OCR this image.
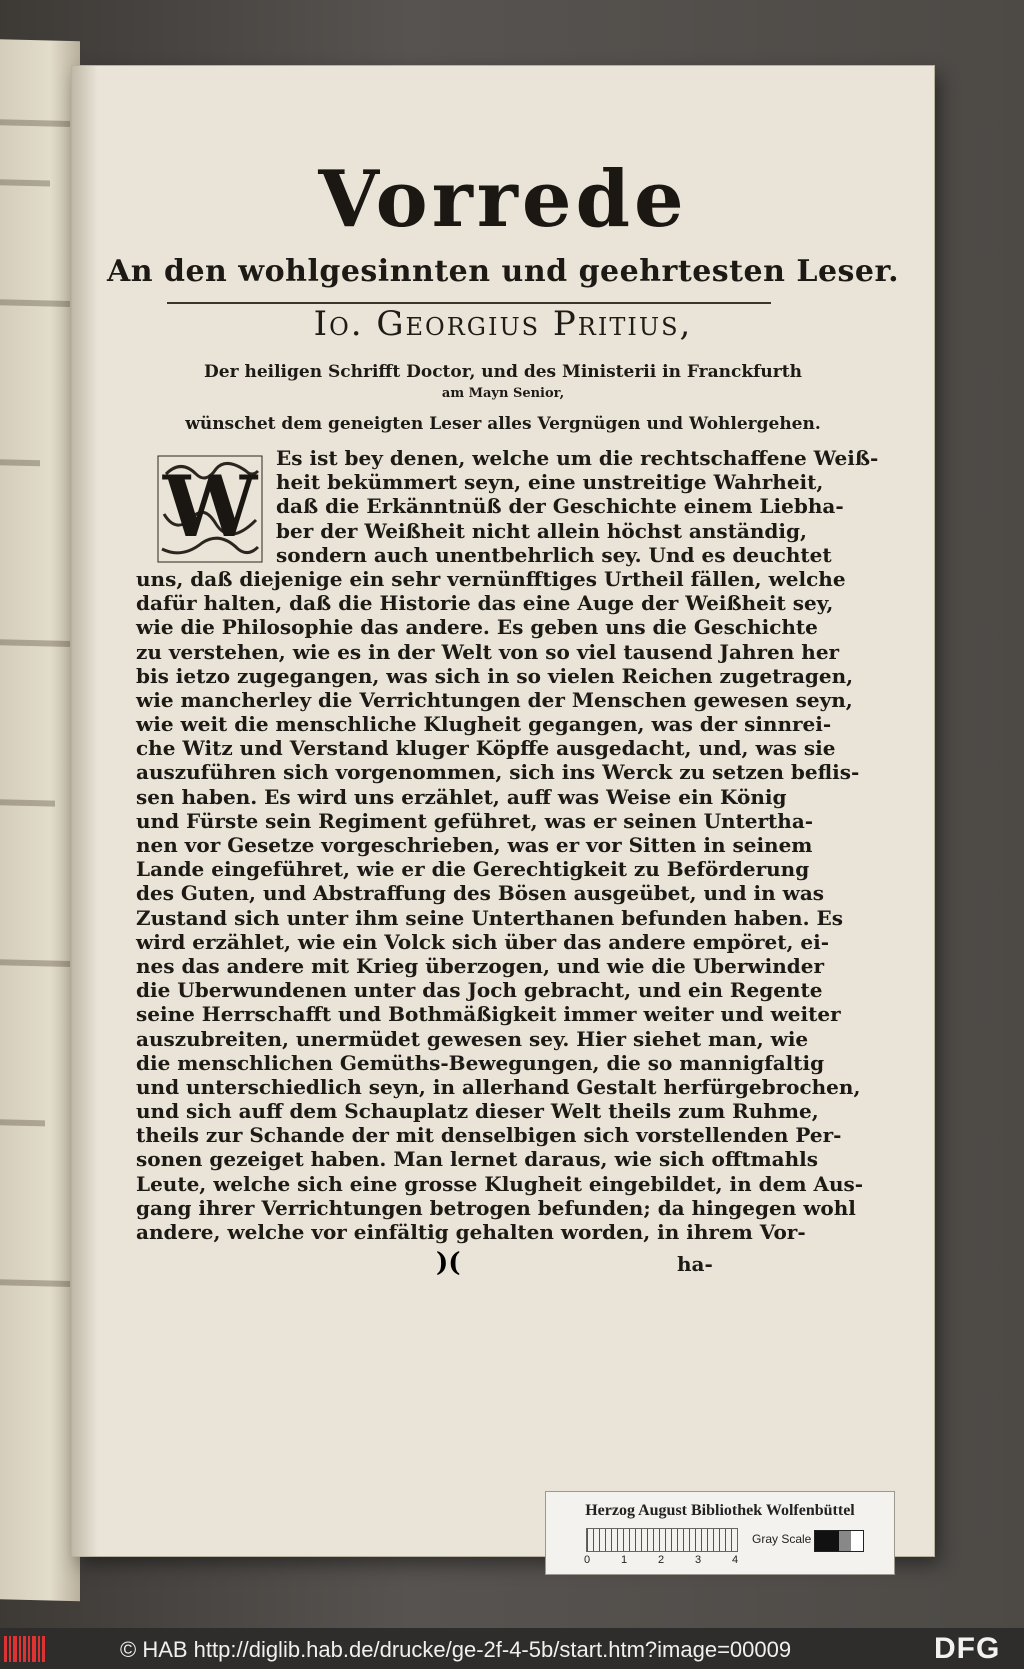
Vorrede
An den wohlgesinnten und geehrtesten Leser.
Io. Georgius Pritius,
Der heiligen Schrifft Doctor, und des Ministerii in Franckfurth
am Mayn Senior,
wünschet dem geneigten Leser alles Vergnügen und Wohlergehen.
W Es ist bey denen, welche um die rechtschaffene Weiß-
heit bekümmert seyn, eine unstreitige Wahrheit,
daß die Erkänntnüß der Geschichte einem Liebha-
ber der Weißheit nicht allein höchst anständig,
sondern auch unentbehrlich sey. Und es deuchtet
uns, daß diejenige ein sehr vernünfftiges Urtheil fällen, welche
dafür halten, daß die Historie das eine Auge der Weißheit sey,
wie die Philosophie das andere. Es geben uns die Geschichte
zu verstehen, wie es in der Welt von so viel tausend Jahren her
bis ietzo zugegangen, was sich in so vielen Reichen zugetragen,
wie mancherley die Verrichtungen der Menschen gewesen seyn,
wie weit die menschliche Klugheit gegangen, was der sinnrei-
che Witz und Verstand kluger Köpffe ausgedacht, und, was sie
auszuführen sich vorgenommen, sich ins Werck zu setzen beflis-
sen haben. Es wird uns erzählet, auff was Weise ein König
und Fürste sein Regiment geführet, was er seinen Untertha-
nen vor Gesetze vorgeschrieben, was er vor Sitten in seinem
Lande eingeführet, wie er die Gerechtigkeit zu Beförderung
des Guten, und Abstraffung des Bösen ausgeübet, und in was
Zustand sich unter ihm seine Unterthanen befunden haben. Es
wird erzählet, wie ein Volck sich über das andere empöret, ei-
nes das andere mit Krieg überzogen, und wie die Uberwinder
die Uberwundenen unter das Joch gebracht, und ein Regente
seine Herrschafft und Bothmäßigkeit immer weiter und weiter
auszubreiten, unermüdet gewesen sey. Hier siehet man, wie
die menschlichen Gemüths-Bewegungen, die so mannigfaltig
und unterschiedlich seyn, in allerhand Gestalt herfürgebrochen,
und sich auff dem Schauplatz dieser Welt theils zum Ruhme,
theils zur Schande der mit denselbigen sich vorstellenden Per-
sonen gezeiget haben. Man lernet daraus, wie sich offtmahls
Leute, welche sich eine grosse Klugheit eingebildet, in dem Aus-
gang ihrer Verrichtungen betrogen befunden; da hingegen wohl
andere, welche vor einfältig gehalten worden, in ihrem Vor-
)(	ha-
Herzog August Bibliothek Wolfenbüttel
0	1	2	3	4
Gray Scale
© HAB http://diglib.hab.de/drucke/ge-2f-4-5b/start.htm?image=00009	DFG
